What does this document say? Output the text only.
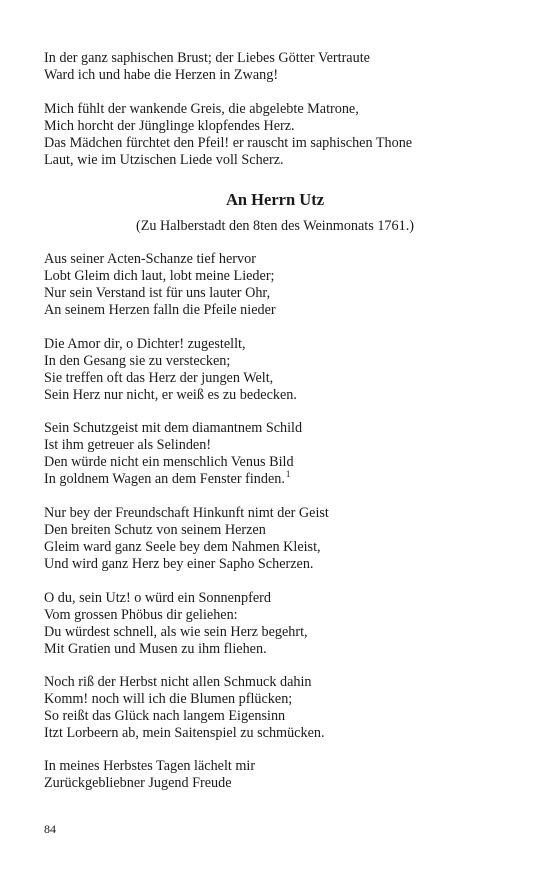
In der ganz saphischen Brust; der Liebes Götter Vertraute
Ward ich und habe die Herzen in Zwang!
Mich fühlt der wankende Greis, die abgelebte Matrone,
Mich horcht der Jünglinge klopfendes Herz.
Das Mädchen fürchtet den Pfeil! er rauscht im saphischen Thone
Laut, wie im Utzischen Liede voll Scherz.
An Herrn Utz
(Zu Halberstadt den 8ten des Weinmonats 1761.)
Aus seiner Acten-Schanze tief hervor
Lobt Gleim dich laut, lobt meine Lieder;
Nur sein Verstand ist für uns lauter Ohr,
An seinem Herzen falln die Pfeile nieder
Die Amor dir, o Dichter! zugestellt,
In den Gesang sie zu verstecken;
Sie treffen oft das Herz der jungen Welt,
Sein Herz nur nicht, er weiß es zu bedecken.
Sein Schutzgeist mit dem diamantnem Schild
Ist ihm getreuer als Selinden!
Den würde nicht ein menschlich Venus Bild
In goldnem Wagen an dem Fenster finden.$^1$
Nur bey der Freundschaft Hinkunft nimt der Geist
Den breiten Schutz von seinem Herzen
Gleim ward ganz Seele bey dem Nahmen Kleist,
Und wird ganz Herz bey einer Sapho Scherzen.
O du, sein Utz! o würd ein Sonnenpferd
Vom grossen Phöbus dir geliehen:
Du würdest schnell, als wie sein Herz begehrt,
Mit Gratien und Musen zu ihm fliehen.
Noch riß der Herbst nicht allen Schmuck dahin
Komm! noch will ich die Blumen pflücken;
So reißt das Glück nach langem Eigensinn
Itzt Lorbeern ab, mein Saitenspiel zu schmücken.
In meines Herbstes Tagen lächelt mir
Zurückgebliebner Jugend Freude
84
